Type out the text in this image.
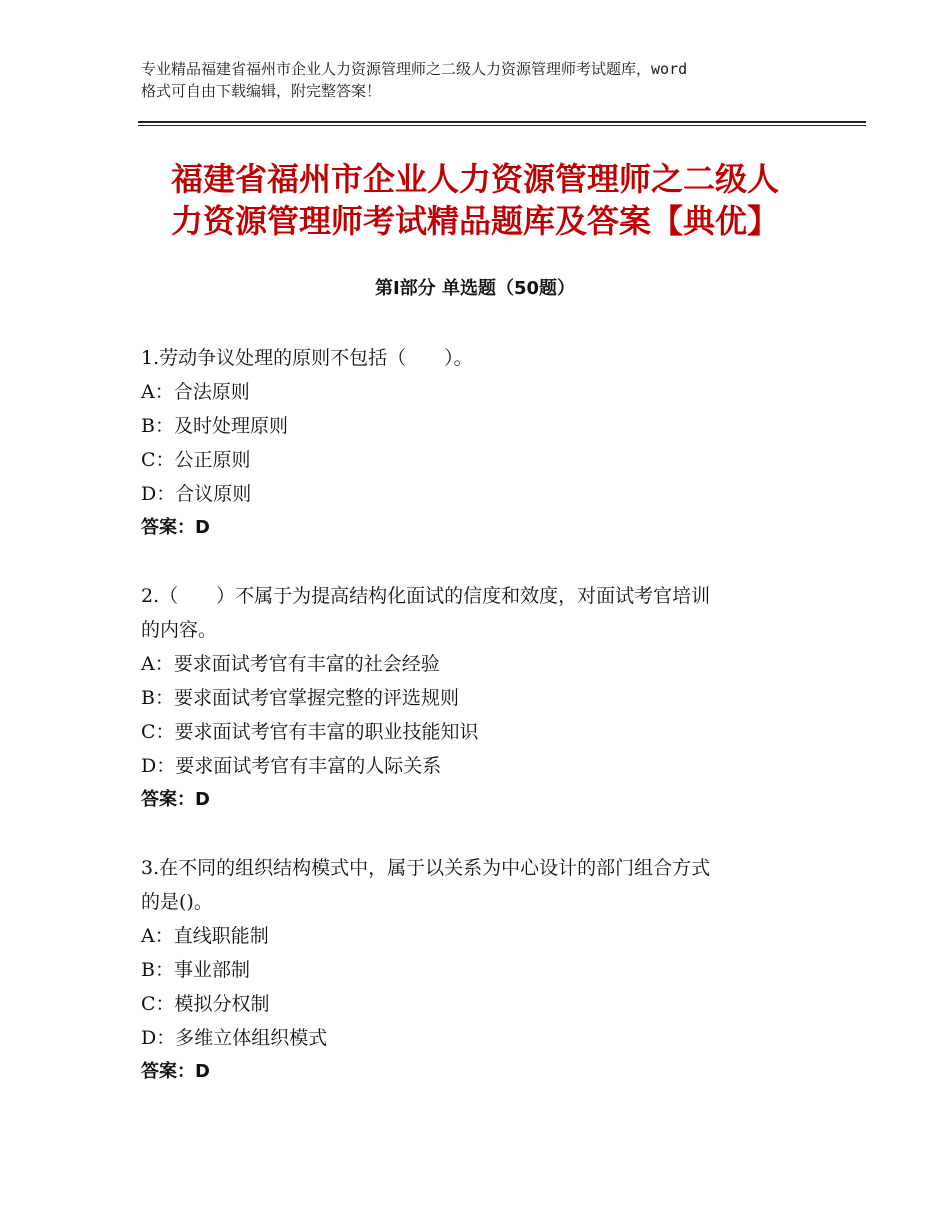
专业精品福建省福州市企业人力资源管理师之二级人力资源管理师考试题库，word
格式可自由下载编辑，附完整答案！
福建省福州市企业人力资源管理师之二级人
力资源管理师考试精品题库及答案【典优】
第Ⅰ部分 单选题（50题）
1.劳动争议处理的原则不包括（　　）。
A：合法原则
B：及时处理原则
C：公正原则
D：合议原则
答案：D
2.（　　）不属于为提高结构化面试的信度和效度，对面试考官培训
的内容。
A：要求面试考官有丰富的社会经验
B：要求面试考官掌握完整的评选规则
C：要求面试考官有丰富的职业技能知识
D：要求面试考官有丰富的人际关系
答案：D
3.在不同的组织结构模式中，属于以关系为中心设计的部门组合方式
的是()。
A：直线职能制
B：事业部制
C：模拟分权制
D：多维立体组织模式
答案：D
